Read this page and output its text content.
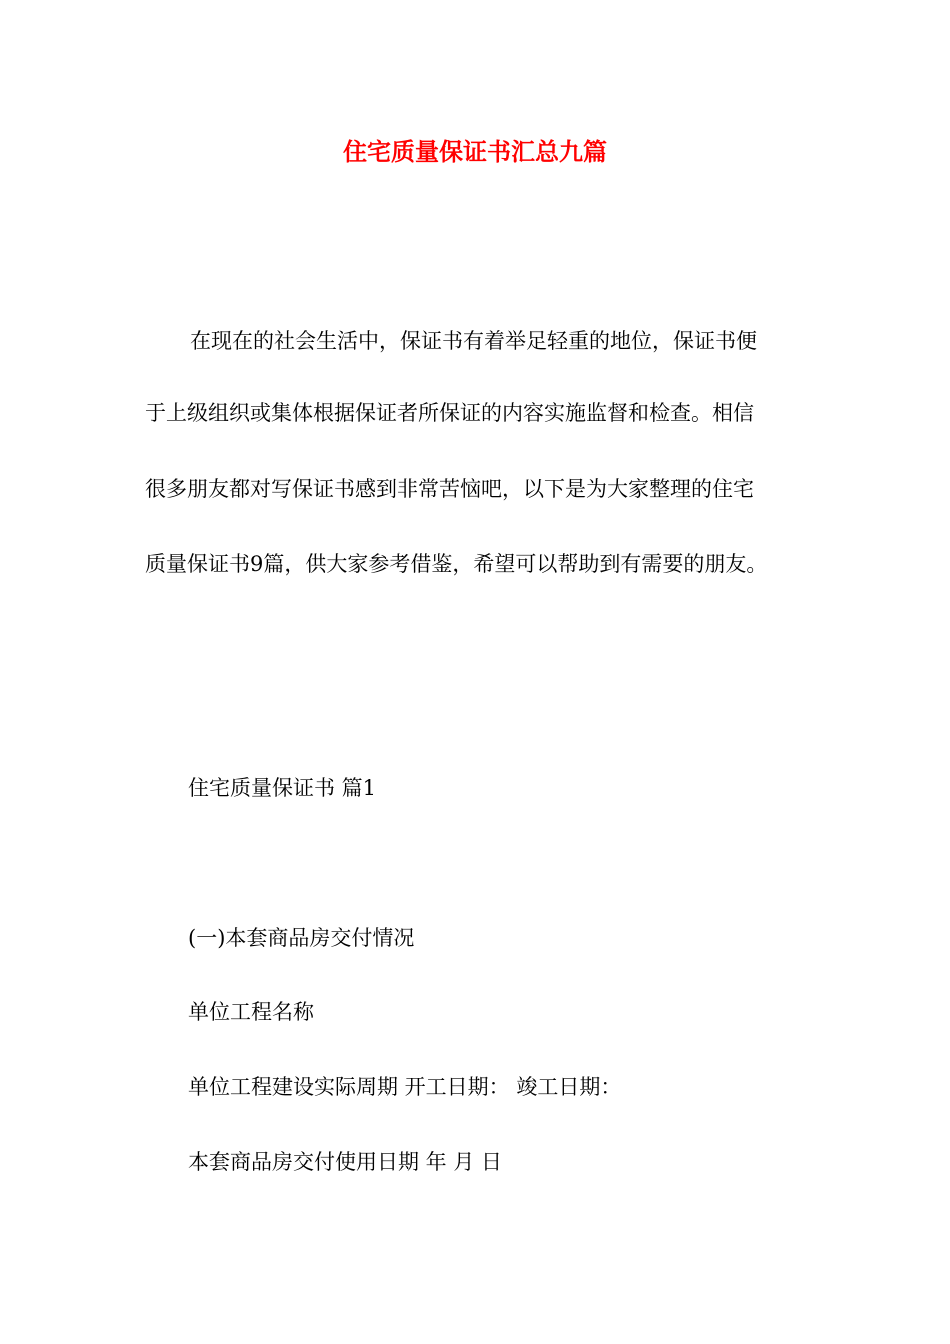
住宅质量保证书汇总九篇
在现在的社会生活中，保证书有着举足轻重的地位，保证书便
于上级组织或集体根据保证者所保证的内容实施监督和检查。相信
很多朋友都对写保证书感到非常苦恼吧，以下是为大家整理的住宅
质量保证书9篇，供大家参考借鉴，希望可以帮助到有需要的朋友。
住宅质量保证书 篇1
(一)本套商品房交付情况
单位工程名称
单位工程建设实际周期 开工日期： 竣工日期：
本套商品房交付使用日期 年 月 日
